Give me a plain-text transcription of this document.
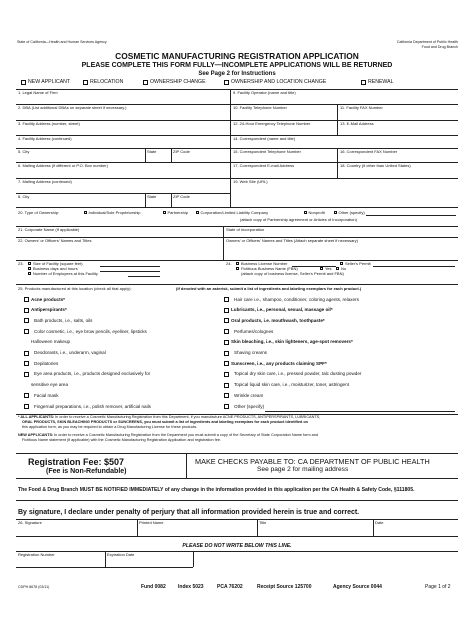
State of California—Health and Human Services Agency	California Department of Public Health
Food and Drug Branch
COSMETIC MANUFACTURING REGISTRATION APPLICATION
PLEASE COMPLETE THIS FORM FULLY—INCOMPLETE APPLICATIONS WILL BE RETURNED
See Page 2 for Instructions
NEW APPLICANT	RELOCATION	OWNERSHIP CHANGE	OWNERSHIP AND LOCATION CHANGE	RENEWAL
1. Legal Name of Firm
2. DBA (List additional DBAs on separate sheet if necessary.)
3. Facility Address (number, street)
4. Facility Address (continued)
5. City	State	ZIP Code
6. Mailing Address (if different or P.O. Box number)
7. Mailing Address (continued)
8. City	State	ZIP Code
9. Facility Operator (name and title)
10. Facility Telephone Number	11. Facility FAX Number
12. 24-Hour Emergency Telephone Number	13. E-Mail Address
14. Correspondent (name and title)
15. Correspondent Telephone Number	16. Correspondent FAX Number
17. Correspondent E-mail Address	18. Country (if other than United States)
19. Web Site (URL)
20. Type of Ownership:	Individual/Sole Proprietorship	Partnership	Corporation/Limited Liability Company	Nonprofit	Other (specify)
(attach copy of Partnership agreement or Articles of Incorporation)
21. Corporate Name (If applicable)	State of Incorporation
22. Owners' or Officers' Names and Titles	Owners' or Officers' Names and Titles (Attach separate sheet if necessary)
23. Size of Facility (square feet)
Business days and hours
Number of Employees at this Facility
24. Business License Number	Seller's Permit
Fictitious Business Name (FBN)	Yes No
(attach copy of business license, Seller's Permit and FBN)
25. Products manufactured at this location (check all that apply):	(If denoted with an asterisk, submit a list of ingredients and labeling exemplars for each product.)
Acne products*
Antiperspirants*
Bath products, i.e., salts, oils
Color cosmetic, i.e., eye brow pencils, eyeliner, lipsticks
Halloween makeup
Deodorants, i.e., underarm, vaginal
Depilatories
Eye area products, i.e., products designed exclusively for
sensitive eye area
Facial mask
Fingernail preparations, i.e., polish remover, artificial nails
Hair care i.e., shampoo, conditioner, coloring agents, relaxers
Lubricants, i.e., personal, sexual, massage oil*
Oral products, i.e. mouthwash, toothpaste*
Perfumes/colognes
Skin bleaching, i.e., skin lighteners, age-spot removers*
Shaving creams
Sunscreen, i.e., any products claiming SPF*
Topical dry skin care, i.e., pressed powder, talc dusting powder
Topical liquid skin care, i.e., moisturizer, toner, astringent
Wrinkle cream
Other (specify)
* ALL APPLICANTS: In order to receive a Cosmetic Manufacturing Registration from this Department, if you manufacture ACNE PRODUCTS, ANTIPERSPIRANTS, LUBRICANTS,
ORAL PRODUCTS, SKIN BLEACHING PRODUCTS or SUNCREENS, you must submit a list of ingredients and labeling exemplars for each product identified on
this application form, as you may be required to obtain a Drug Manufacturing License for these products.
NEW APPLICANTS: In order to receive a Cosmetic Manufacturing Registration from the Department you must submit a copy of the Secretary of State Corporation Name form and
Fictitious Name statement (if applicable) with the Cosmetic Manufacturing Registration Application and registration fee.
Registration Fee: $507
(Fee is Non-Refundable)
MAKE CHECKS PAYABLE TO: CA DEPARTMENT OF PUBLIC HEALTH
See page 2 for mailing address
The Food & Drug Branch MUST BE NOTIFIED IMMEDIATELY of any change in the information provided in this application per the CA Health & Safety Code, §111805.
By signature, I declare under penalty of perjury that all information provided herein is true and correct.
26. Signature	Printed Name	Title	Date
PLEASE DO NOT WRITE BELOW THIS LINE.
Registration Number	Expiration Date
CDPH 8678 (03/11)	Fund 0082 Index 5023	PCA 76202	Receipt Source 125700	Agency Source 0044	Page 1 of 2
